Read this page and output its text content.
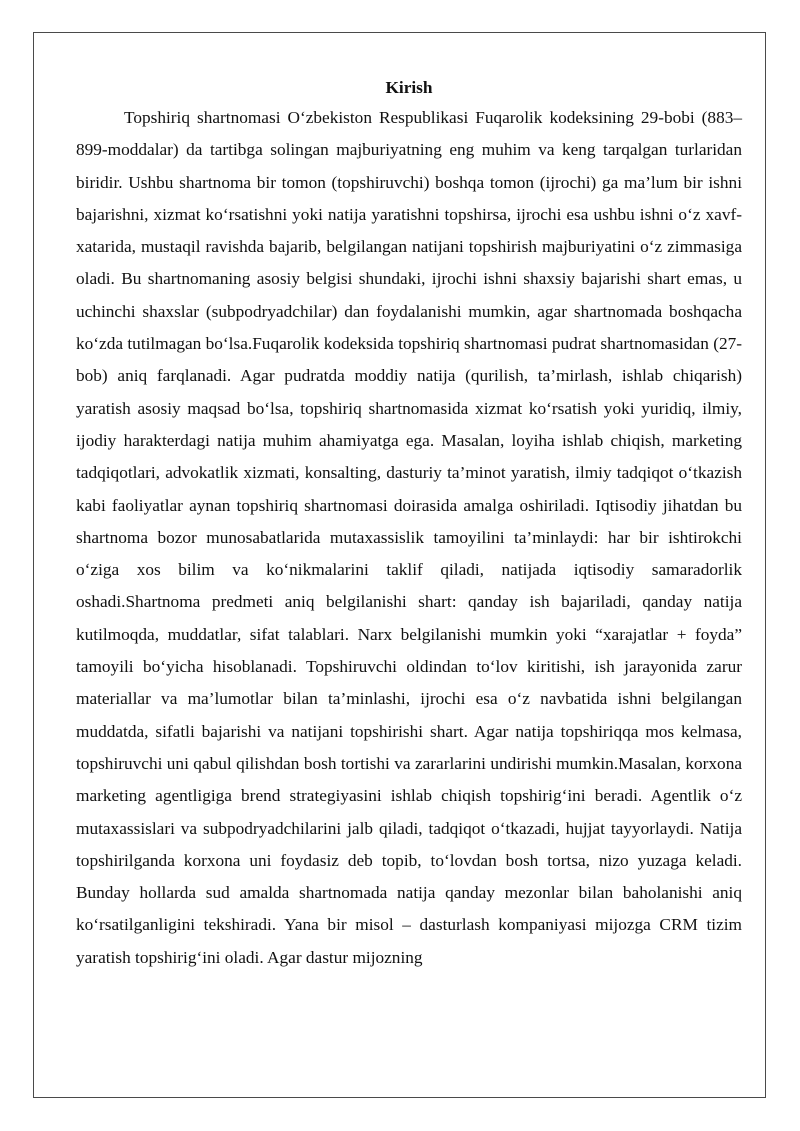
Kirish

Topshiriq shartnomasi O‘zbekiston Respublikasi Fuqarolik kodeksining 29-bobi (883–899-moddalar) da tartibga solingan majburiyatning eng muhim va keng tarqalgan turlaridan biridir. Ushbu shartnoma bir tomon (topshiruvchi) boshqa tomon (ijrochi) ga ma’lum bir ishni bajarishni, xizmat ko‘rsatishni yoki natija yaratishni topshirsa, ijrochi esa ushbu ishni o‘z xavf-xatarida, mustaqil ravishda bajarib, belgilangan natijani topshirish majburiyatini o‘z zimmasiga oladi. Bu shartnomaning asosiy belgisi shundaki, ijrochi ishni shaxsiy bajarishi shart emas, u uchinchi shaxslar (subpodryadchilar) dan foydalanishi mumkin, agar shartnomada boshqacha ko‘zda tutilmagan bo‘lsa.Fuqarolik kodeksida topshiriq shartnomasi pudrat shartnomasidan (27-bob) aniq farqlanadi. Agar pudratda moddiy natija (qurilish, ta’mirlash, ishlab chiqarish) yaratish asosiy maqsad bo‘lsa, topshiriq shartnomasida xizmat ko‘rsatish yoki yuridiq, ilmiy, ijodiy harakterdagi natija muhim ahamiyatga ega. Masalan, loyiha ishlab chiqish, marketing tadqiqotlari, advokatlik xizmati, konsalting, dasturiy ta’minot yaratish, ilmiy tadqiqot o‘tkazish kabi faoliyatlar aynan topshiriq shartnomasi doirasida amalga oshiriladi. Iqtisodiy jihatdan bu shartnoma bozor munosabatlarida mutaxassislik tamoyilini ta’minlaydi: har bir ishtirokchi o‘ziga xos bilim va ko‘nikmalarini taklif qiladi, natijada iqtisodiy samaradorlik oshadi.Shartnoma predmeti aniq belgilanishi shart: qanday ish bajariladi, qanday natija kutilmoqda, muddatlar, sifat talablari. Narx belgilanishi mumkin yoki “xarajatlar + foyda” tamoyili bo‘yicha hisoblanadi. Topshiruvchi oldindan to‘lov kiritishi, ish jarayonida zarur materiallar va ma’lumotlar bilan ta’minlashi, ijrochi esa o‘z navbatida ishni belgilangan muddatda, sifatli bajarishi va natijani topshirishi shart. Agar natija topshiriqqa mos kelmasa, topshiruvchi uni qabul qilishdan bosh tortishi va zararlarini undirishi mumkin.Masalan, korxona marketing agentligiga brend strategiyasini ishlab chiqish topshirig‘ini beradi. Agentlik o‘z mutaxassislari va subpodryadchilarini jalb qiladi, tadqiqot o‘tkazadi, hujjat tayyorlaydi. Natija topshirilganda korxona uni foydasiz deb topib, to‘lovdan bosh tortsa, nizo yuzaga keladi. Bunday hollarda sud amalda shartnomada natija qanday mezonlar bilan baholanishi aniq ko‘rsatilganligini tekshiradi. Yana bir misol – dasturlash kompaniyasi mijozga CRM tizim yaratish topshirig‘ini oladi. Agar dastur mijozning
